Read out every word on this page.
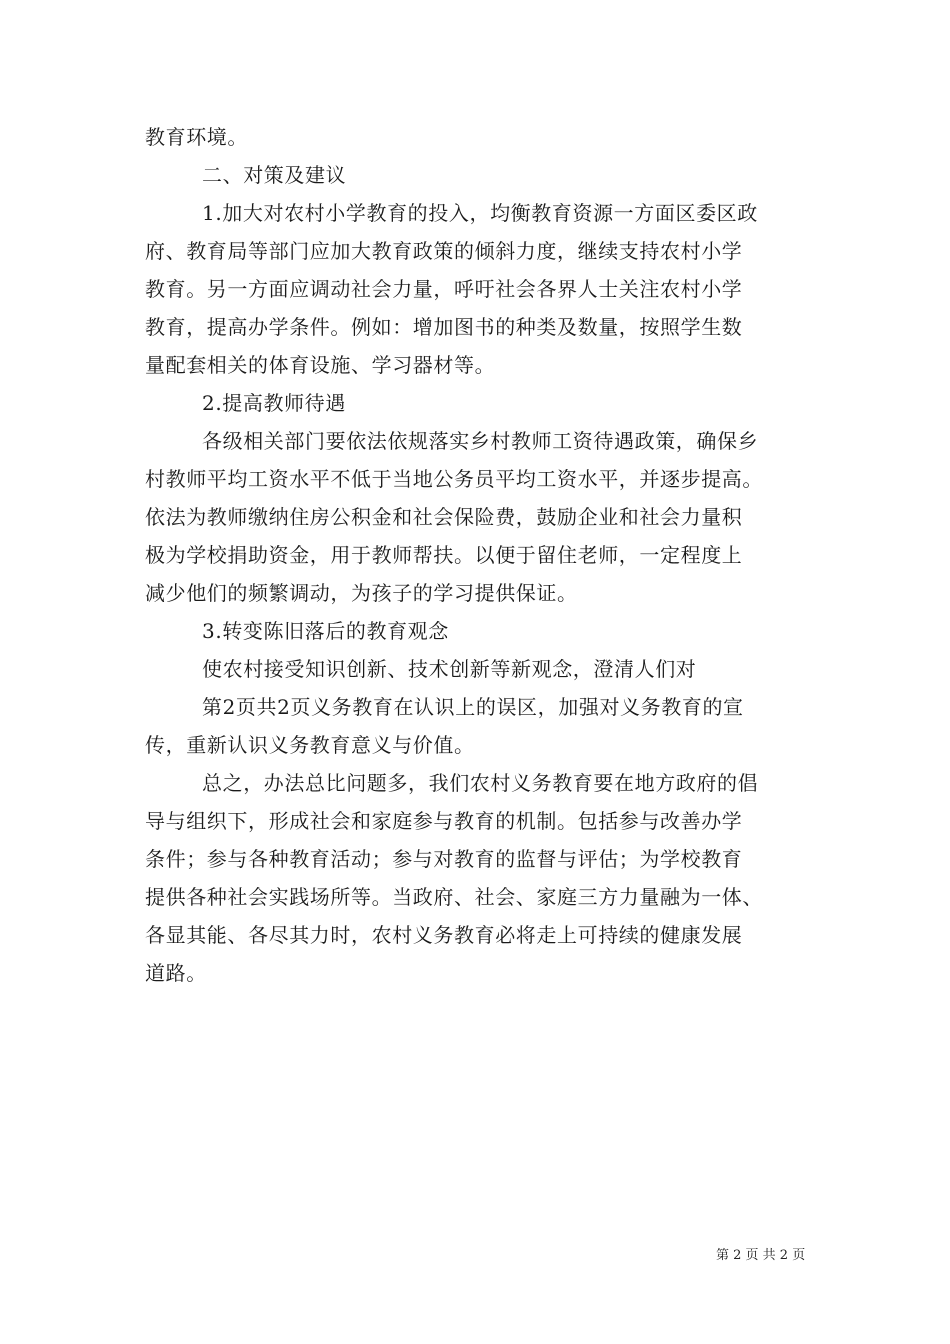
教育环境。
二、对策及建议
1.加大对农村小学教育的投入，均衡教育资源一方面区委区政
府、教育局等部门应加大教育政策的倾斜力度，继续支持农村小学
教育。另一方面应调动社会力量，呼吁社会各界人士关注农村小学
教育，提高办学条件。例如：增加图书的种类及数量，按照学生数
量配套相关的体育设施、学习器材等。
2.提高教师待遇
各级相关部门要依法依规落实乡村教师工资待遇政策，确保乡
村教师平均工资水平不低于当地公务员平均工资水平，并逐步提高。
依法为教师缴纳住房公积金和社会保险费，鼓励企业和社会力量积
极为学校捐助资金，用于教师帮扶。以便于留住老师，一定程度上
减少他们的频繁调动，为孩子的学习提供保证。
3.转变陈旧落后的教育观念
使农村接受知识创新、技术创新等新观念，澄清人们对
第2页共2页义务教育在认识上的误区，加强对义务教育的宣
传，重新认识义务教育意义与价值。
总之，办法总比问题多，我们农村义务教育要在地方政府的倡
导与组织下，形成社会和家庭参与教育的机制。包括参与改善办学
条件；参与各种教育活动；参与对教育的监督与评估；为学校教育
提供各种社会实践场所等。当政府、社会、家庭三方力量融为一体、
各显其能、各尽其力时，农村义务教育必将走上可持续的健康发展
道路。
第 2 页 共 2 页
